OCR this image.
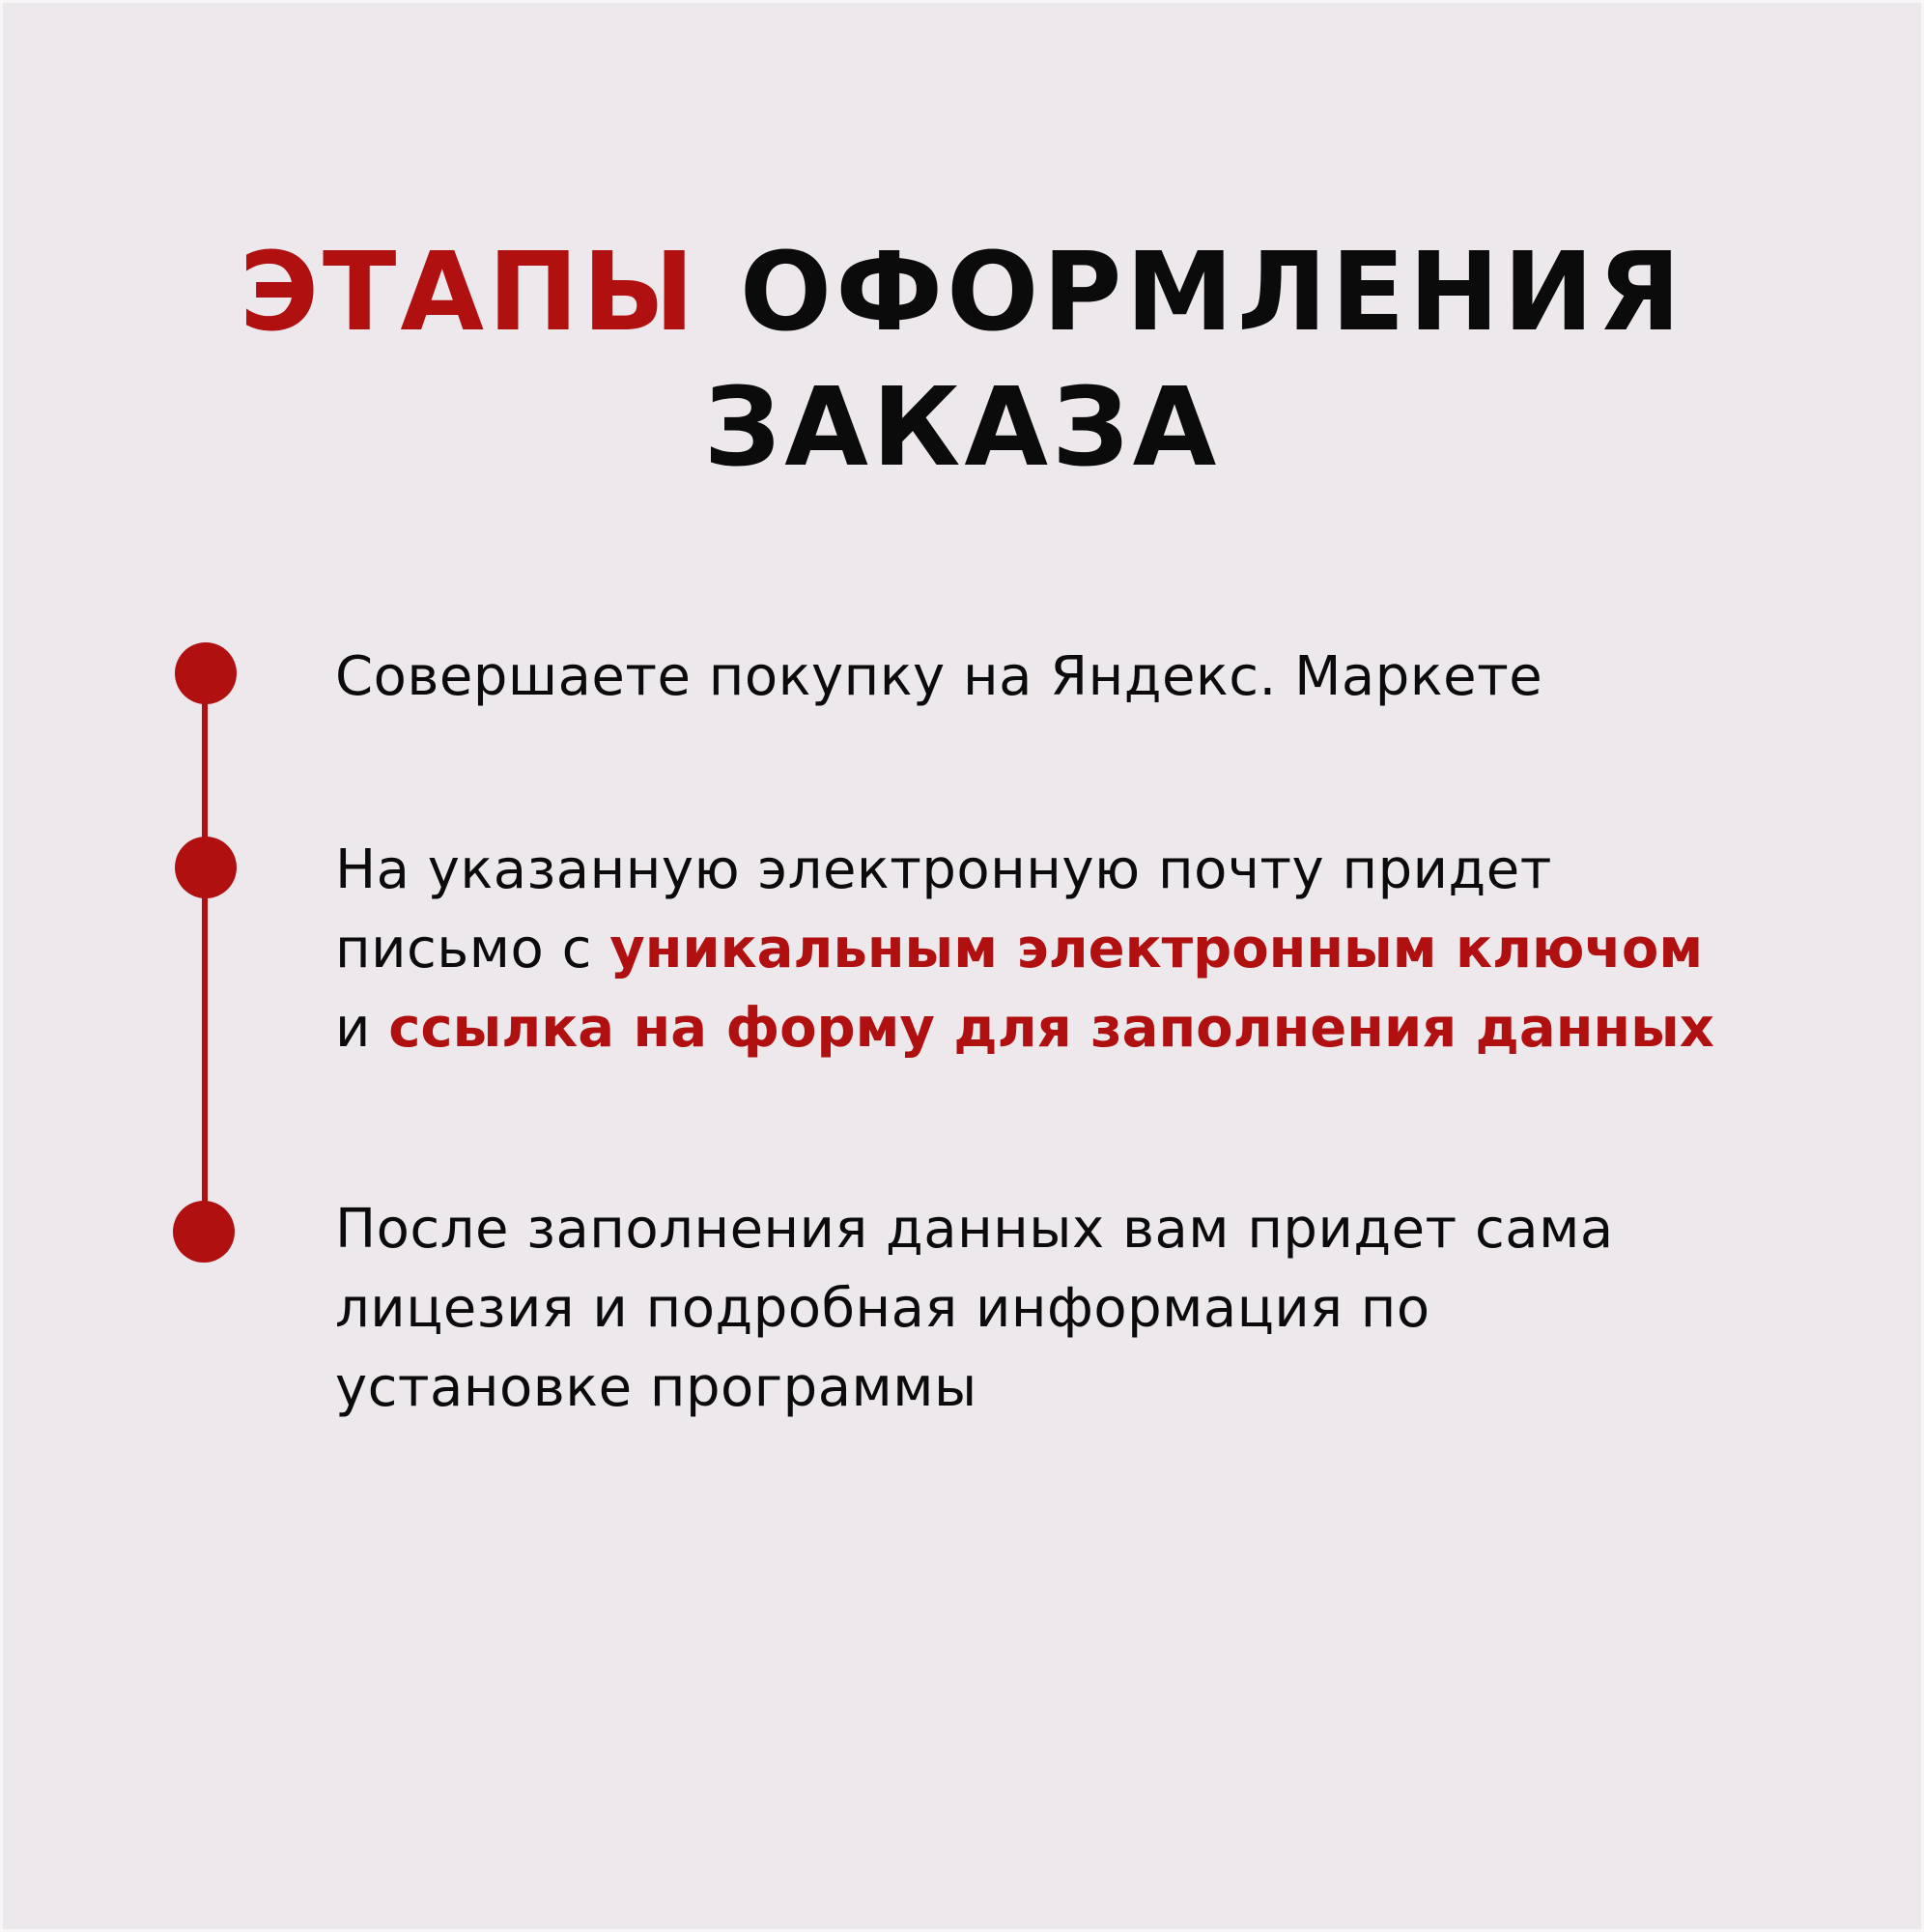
ЭТАПЫ ОФОРМЛЕНИЯ
ЗАКАЗА

Совершаете покупку на Яндекс. Маркете

На указанную электронную почту придет
письмо с уникальным электронным ключом
и ссылка на форму для заполнения данных

После заполнения данных вам придет сама
лицезия и подробная информация по
установке программы
